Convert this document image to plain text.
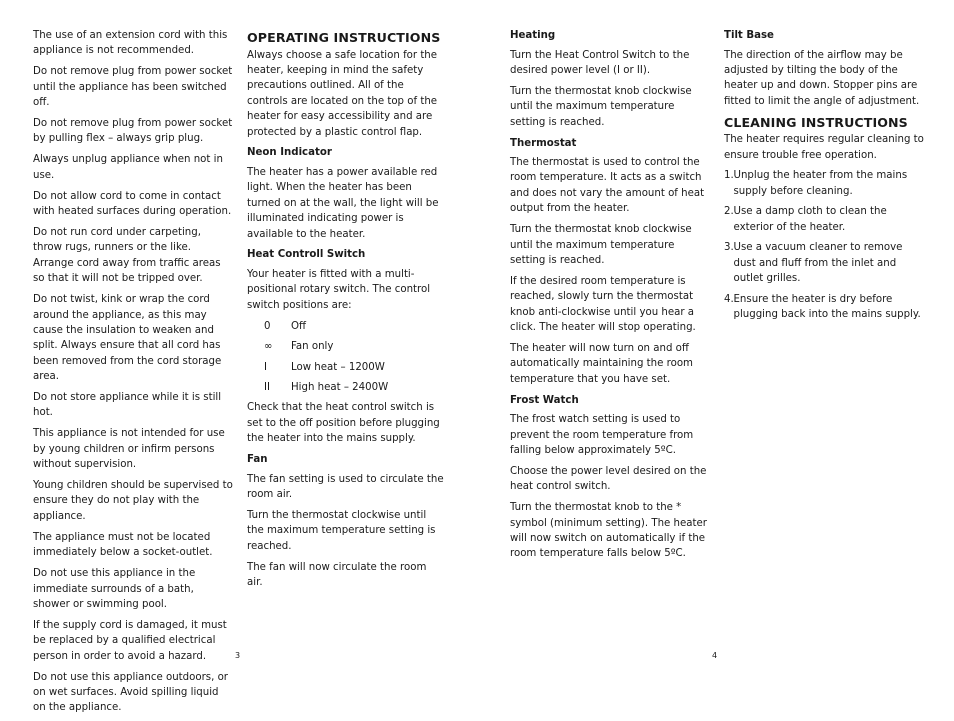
The use of an extension cord with this appliance is not recommended.

Do not remove plug from power socket until the appliance has been switched off.

Do not remove plug from power socket by pulling flex – always grip plug.

Always unplug appliance when not in use.

Do not allow cord to come in contact with heated surfaces during operation.

Do not run cord under carpeting, throw rugs, runners or the like. Arrange cord away from traffic areas so that it will not be tripped over.

Do not twist, kink or wrap the cord around the appliance, as this may cause the insulation to weaken and split. Always ensure that all cord has been removed from the cord storage area.

Do not store appliance while it is still hot.

This appliance is not intended for use by young children or infirm persons without supervision.

Young children should be supervised to ensure they do not play with the appliance.

The appliance must not be located immediately below a socket-outlet.

Do not use this appliance in the immediate surrounds of a bath, shower or swimming pool.

If the supply cord is damaged, it must be replaced by a qualified electrical person in order to avoid a hazard.

Do not use this appliance outdoors, or on wet surfaces. Avoid spilling liquid on the appliance.

OPERATING INSTRUCTIONS

Always choose a safe location for the heater, keeping in mind the safety precautions outlined. All of the controls are located on the top of the heater for easy accessibility and are protected by a plastic control flap.

Neon Indicator

The heater has a power available red light. When the heater has been turned on at the wall, the light will be illuminated indicating power is available to the heater.

Heat Controll Switch

Your heater is fitted with a multi-positional rotary switch. The control switch positions are:

0	Off
∞	Fan only
I	Low heat – 1200W
II	High heat – 2400W

Check that the heat control switch is set to the off position before plugging the heater into the mains supply.

Fan

The fan setting is used to circulate the room air.

Turn the thermostat clockwise until the maximum temperature setting is reached.

The fan will now circulate the room air.

Heating

Turn the Heat Control Switch to the desired power level (I or II).

Turn the thermostat knob clockwise until the maximum temperature setting is reached.

Thermostat

The thermostat is used to control the room temperature. It acts as a switch and does not vary the amount of heat output from the heater.

Turn the thermostat knob clockwise until the maximum temperature setting is reached.

If the desired room temperature is reached, slowly turn the thermostat knob anti-clockwise until you hear a click. The heater will stop operating.

The heater will now turn on and off automatically maintaining the room temperature that you have set.

Frost Watch

The frost watch setting is used to prevent the room temperature from falling below approximately 5ºC.

Choose the power level desired on the heat control switch.

Turn the thermostat knob to the * symbol (minimum setting). The heater will now switch on automatically if the room temperature falls below 5ºC.

Tilt Base

The direction of the airflow may be adjusted by tilting the body of the heater up and down. Stopper pins are fitted to limit the angle of adjustment.

CLEANING INSTRUCTIONS

The heater requires regular cleaning to ensure trouble free operation.

1. Unplug the heater from the mains supply before cleaning.
2. Use a damp cloth to clean the exterior of the heater.
3. Use a vacuum cleaner to remove dust and fluff from the inlet and outlet grilles.
4. Ensure the heater is dry before plugging back into the mains supply.
3	4
